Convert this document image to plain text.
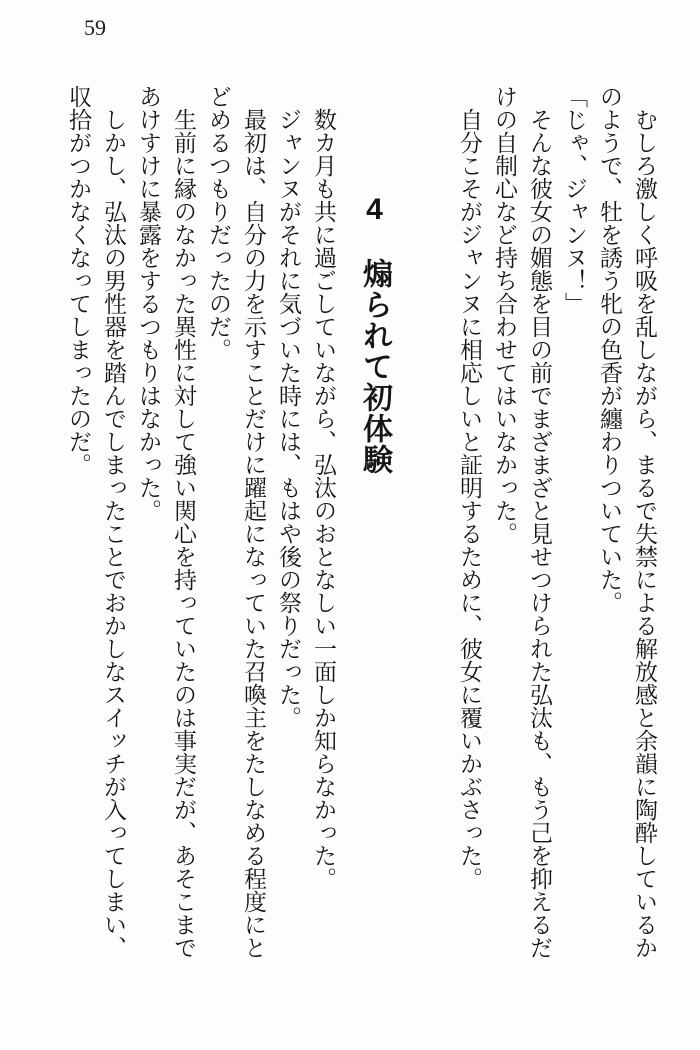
59
むしろ激しく呼吸を乱しながら、まるで失禁による解放感と余韻に陶酔しているか
のようで、牡を誘う牝の色香が纏わりついていた。
「じゃ、ジャンヌ！」
そんな彼女の媚態を目の前でまざまざと見せつけられた弘汰も、もう己を抑えるだ
けの自制心など持ち合わせてはいなかった。
自分こそがジャンヌに相応しいと証明するために、彼女に覆いかぶさった。
4　煽られて初体験
数カ月も共に過ごしていながら、弘汰のおとなしい一面しか知らなかった。
ジャンヌがそれに気づいた時には、もはや後の祭りだった。
最初は、自分の力を示すことだけに躍起になっていた召喚主をたしなめる程度にと
どめるつもりだったのだ。
生前に縁のなかった異性に対して強い関心を持っていたのは事実だが、あそこまで
あけすけに暴露をするつもりはなかった。
しかし、弘汰の男性器を踏んでしまったことでおかしなスイッチが入ってしまい、
収拾がつかなくなってしまったのだ。
